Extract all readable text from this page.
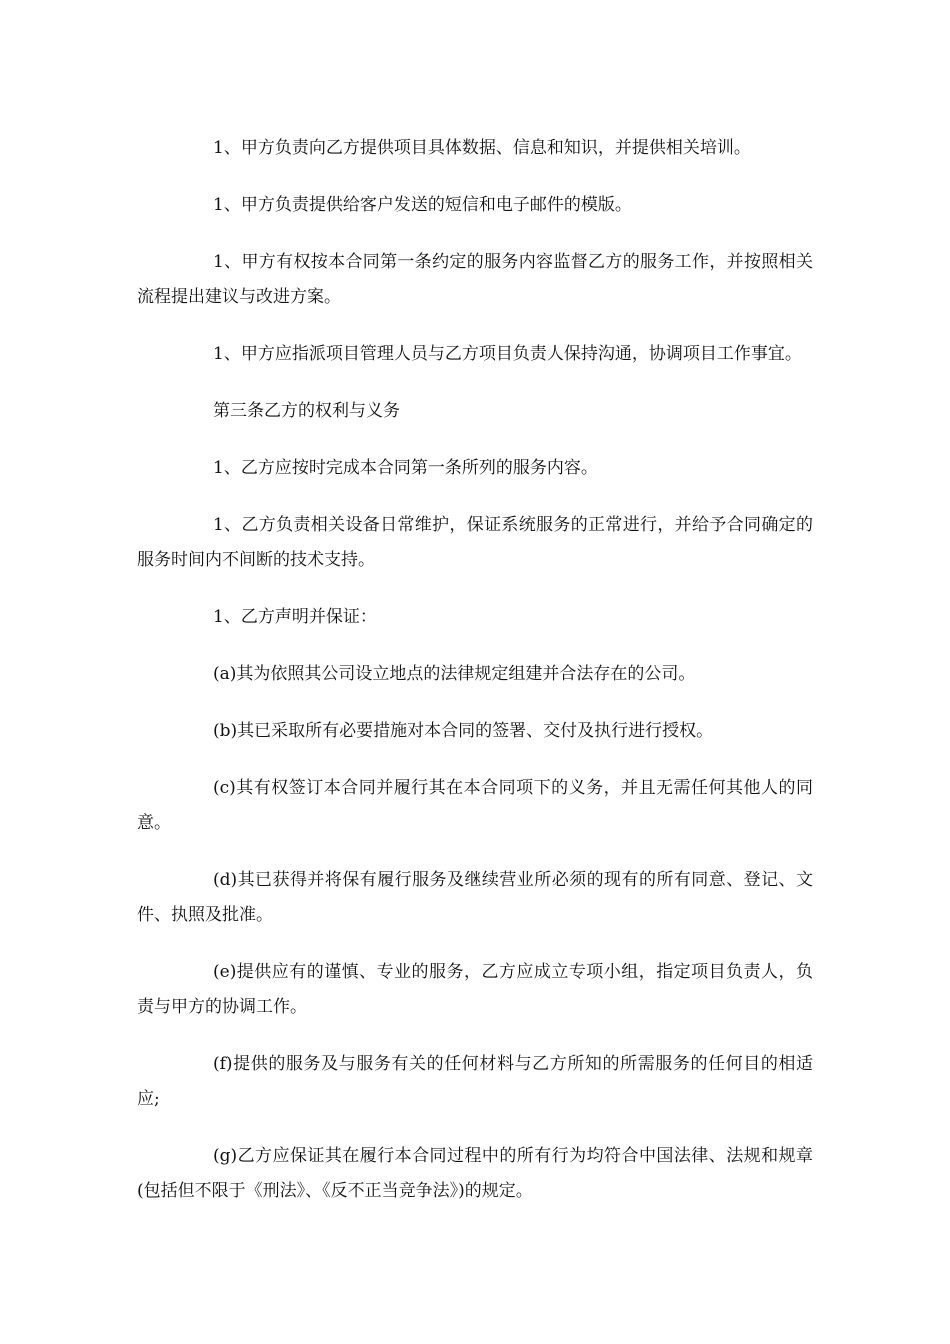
1、甲方负责向乙方提供项目具体数据、信息和知识，并提供相关培训。

1、甲方负责提供给客户发送的短信和电子邮件的模版。

1、甲方有权按本合同第一条约定的服务内容监督乙方的服务工作，并按照相关流程提出建议与改进方案。

1、甲方应指派项目管理人员与乙方项目负责人保持沟通，协调项目工作事宜。

第三条乙方的权利与义务

1、乙方应按时完成本合同第一条所列的服务内容。

1、乙方负责相关设备日常维护，保证系统服务的正常进行，并给予合同确定的服务时间内不间断的技术支持。

1、乙方声明并保证：

(a)其为依照其公司设立地点的法律规定组建并合法存在的公司。

(b)其已采取所有必要措施对本合同的签署、交付及执行进行授权。

(c)其有权签订本合同并履行其在本合同项下的义务，并且无需任何其他人的同意。

(d)其已获得并将保有履行服务及继续营业所必须的现有的所有同意、登记、文件、执照及批准。

(e)提供应有的谨慎、专业的服务，乙方应成立专项小组，指定项目负责人，负责与甲方的协调工作。

(f)提供的服务及与服务有关的任何材料与乙方所知的所需服务的任何目的相适应;

(g)乙方应保证其在履行本合同过程中的所有行为均符合中国法律、法规和规章(包括但不限于《刑法》、《反不正当竞争法》)的规定。
